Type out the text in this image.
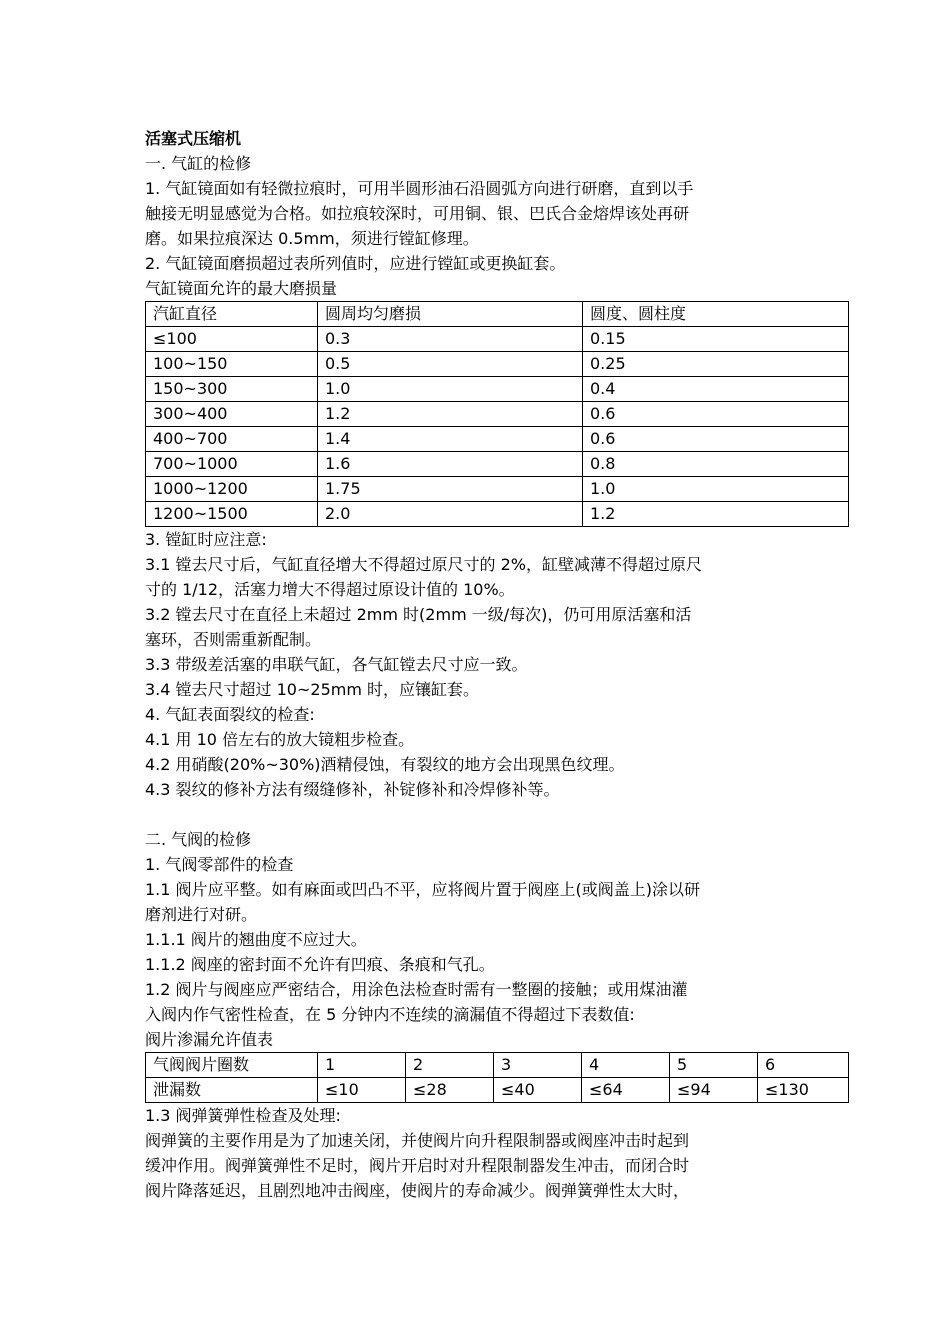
活塞式压缩机
一. 气缸的检修
1. 气缸镜面如有轻微拉痕时，可用半圆形油石沿圆弧方向进行研磨，直到以手
触接无明显感觉为合格。如拉痕较深时，可用铜、银、巴氏合金熔焊该处再研
磨。如果拉痕深达 0.5mm，须进行镗缸修理。
2. 气缸镜面磨损超过表所列值时，应进行镗缸或更换缸套。
气缸镜面允许的最大磨损量
汽缸直径	圆周均匀磨损	圆度、圆柱度
≤100	0.3	0.15
100~150	0.5	0.25
150~300	1.0	0.4
300~400	1.2	0.6
400~700	1.4	0.6
700~1000	1.6	0.8
1000~1200	1.75	1.0
1200~1500	2.0	1.2
3. 镗缸时应注意:
3.1 镗去尺寸后，气缸直径增大不得超过原尺寸的 2%，缸壁减薄不得超过原尺
寸的 1/12，活塞力增大不得超过原设计值的 10%。
3.2 镗去尺寸在直径上未超过 2mm 时(2mm 一级/每次)，仍可用原活塞和活
塞环，否则需重新配制。
3.3 带级差活塞的串联气缸，各气缸镗去尺寸应一致。
3.4 镗去尺寸超过 10~25mm 时，应镶缸套。
4. 气缸表面裂纹的检查:
4.1 用 10 倍左右的放大镜粗步检查。
4.2 用硝酸(20%~30%)酒精侵蚀，有裂纹的地方会出现黑色纹理。
4.3 裂纹的修补方法有缀缝修补，补锭修补和冷焊修补等。
二. 气阀的检修
1. 气阀零部件的检查
1.1 阀片应平整。如有麻面或凹凸不平，应将阀片置于阀座上(或阀盖上)涂以研
磨剂进行对研。
1.1.1 阀片的翘曲度不应过大。
1.1.2 阀座的密封面不允许有凹痕、条痕和气孔。
1.2 阀片与阀座应严密结合，用涂色法检查时需有一整圈的接触；或用煤油灌
入阀内作气密性检查，在 5 分钟内不连续的滴漏值不得超过下表数值:
阀片渗漏允许值表
气阀阀片圈数	1	2	3	4	5	6
泄漏数	≤10	≤28	≤40	≤64	≤94	≤130
1.3 阀弹簧弹性检查及处理:
阀弹簧的主要作用是为了加速关闭，并使阀片向升程限制器或阀座冲击时起到
缓冲作用。阀弹簧弹性不足时，阀片开启时对升程限制器发生冲击，而闭合时
阀片降落延迟，且剧烈地冲击阀座，使阀片的寿命减少。阀弹簧弹性太大时，
